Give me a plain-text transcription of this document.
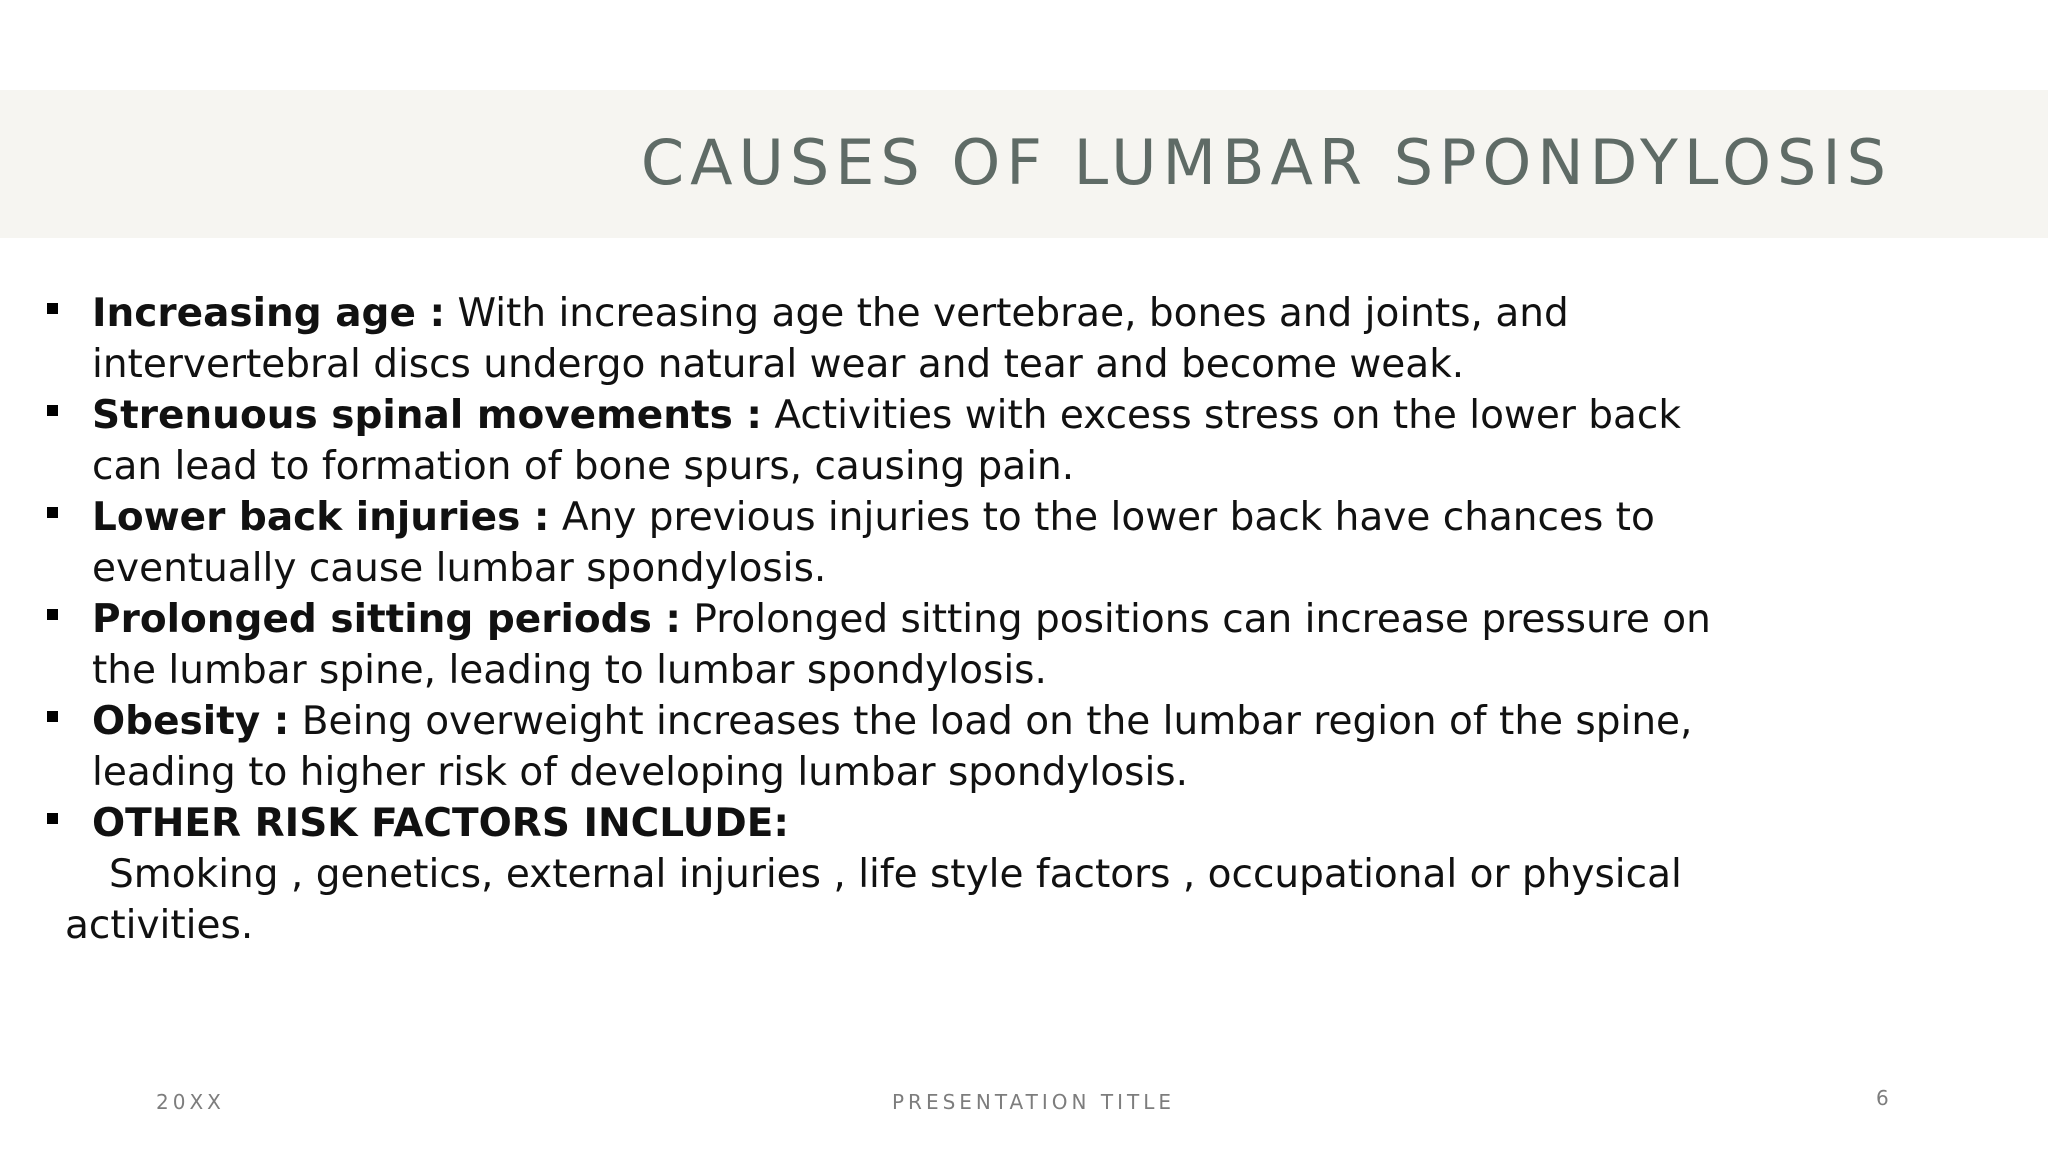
CAUSES OF LUMBAR SPONDYLOSIS
Increasing age : With increasing age the vertebrae, bones and joints, and intervertebral discs undergo natural wear and tear and become weak.
Strenuous spinal movements : Activities with excess stress on the lower back can lead to formation of bone spurs, causing pain.
Lower back injuries : Any previous injuries to the lower back have chances to eventually cause lumbar spondylosis.
Prolonged sitting periods : Prolonged sitting positions can increase pressure on the lumbar spine, leading to lumbar spondylosis.
Obesity : Being overweight increases the load on the lumbar region of the spine, leading to higher risk of developing lumbar spondylosis.
OTHER RISK FACTORS INCLUDE:
Smoking , genetics, external injuries , life style factors , occupational or physical activities.
20XX	PRESENTATION TITLE	6
